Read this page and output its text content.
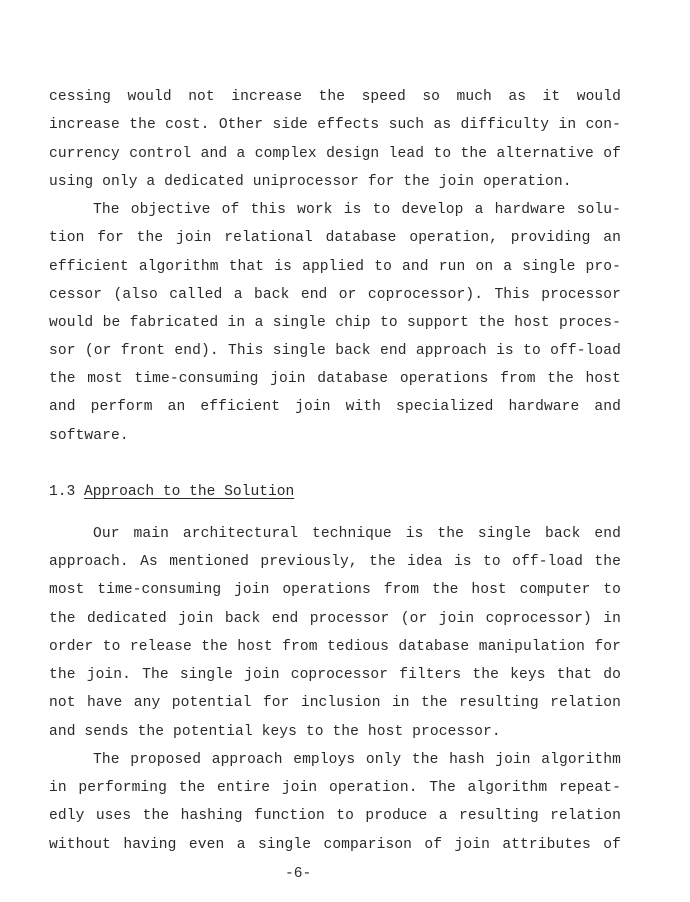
cessing would not increase the speed so much as it would
increase the cost. Other side effects such as difficulty in con-
currency control and a complex design lead to the alternative of
using only a dedicated uniprocessor for the join operation.
The objective of this work is to develop a hardware solu-
tion for the join relational database operation, providing an
efficient algorithm that is applied to and run on a single pro-
cessor (also called a back end or coprocessor). This processor
would be fabricated in a single chip to support the host proces-
sor (or front end). This single back end approach is to off-load
the most time-consuming join database operations from the host
and perform an efficient join with specialized hardware and
software.
1.3 Approach to the Solution
Our main architectural technique is the single back end
approach. As mentioned previously, the idea is to off-load the
most time-consuming join operations from the host computer to
the dedicated join back end processor (or join coprocessor) in
order to release the host from tedious database manipulation for
the join. The single join coprocessor filters the keys that do
not have any potential for inclusion in the resulting relation
and sends the potential keys to the host processor.
The proposed approach employs only the hash join algorithm
in performing the entire join operation. The algorithm repeat-
edly uses the hashing function to produce a resulting relation
without having even a single comparison of join attributes of
-6-
